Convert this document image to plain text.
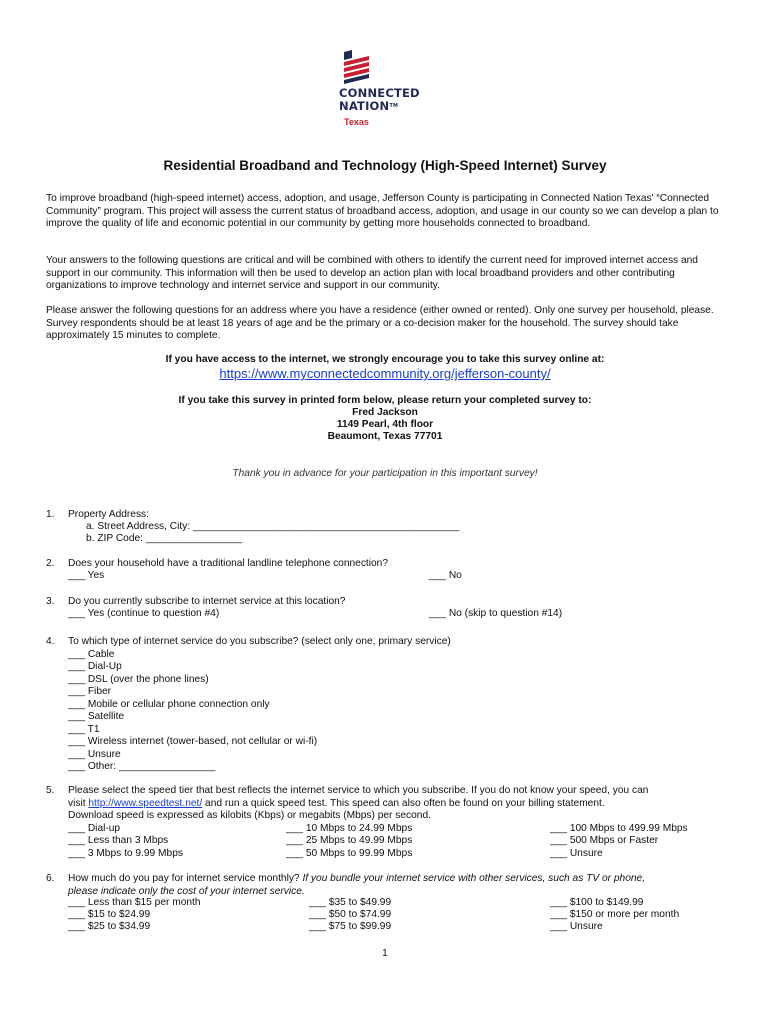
CONNECTED
NATION™
Texas
Residential Broadband and Technology (High-Speed Internet) Survey

To improve broadband (high-speed internet) access, adoption, and usage, Jefferson County is participating in Connected Nation Texas' “Connected Community” program. This project will assess the current status of broadband access, adoption, and usage in our county so we can develop a plan to improve the quality of life and economic potential in our community by getting more households connected to broadband.

Your answers to the following questions are critical and will be combined with others to identify the current need for improved internet access and support in our community. This information will then be used to develop an action plan with local broadband providers and other contributing organizations to improve technology and internet service and support in our community.

Please answer the following questions for an address where you have a residence (either owned or rented). Only one survey per household, please. Survey respondents should be at least 18 years of age and be the primary or a co-decision maker for the household. The survey should take approximately 15 minutes to complete.

If you have access to the internet, we strongly encourage you to take this survey online at:
https://www.myconnectedcommunity.org/jefferson-county/
If you take this survey in printed form below, please return your completed survey to:
Fred Jackson
1149 Pearl, 4th floor
Beaumont, Texas 77701
Thank you in advance for your participation in this important survey!
1. Property Address:
a. Street Address, City: _______________________________________________
b. ZIP Code: _________________
2. Does your household have a traditional landline telephone connection?
___ Yes	___ No
3. Do you currently subscribe to internet service at this location?
___ Yes (continue to question #4)	___ No (skip to question #14)
4. To which type of internet service do you subscribe? (select only one, primary service)
___ Cable
___ Dial-Up
___ DSL (over the phone lines)
___ Fiber
___ Mobile or cellular phone connection only
___ Satellite
___ T1
___ Wireless internet (tower-based, not cellular or wi-fi)
___ Unsure
___ Other: _________________
5. Please select the speed tier that best reflects the internet service to which you subscribe. If you do not know your speed, you can
visit http://www.speedtest.net/ and run a quick speed test. This speed can also often be found on your billing statement.
Download speed is expressed as kilobits (Kbps) or megabits (Mbps) per second.
___ Dial-up
___ Less than 3 Mbps
___ 3 Mbps to 9.99 Mbps
___ 10 Mbps to 24.99 Mbps
___ 25 Mbps to 49.99 Mbps
___ 50 Mbps to 99.99 Mbps
___ 100 Mbps to 499.99 Mbps
___ 500 Mbps or Faster
___ Unsure
6. How much do you pay for internet service monthly? If you bundle your internet service with other services, such as TV or phone,
please indicate only the cost of your internet service.
___ Less than $15 per month
___ $15 to $24.99
___ $25 to $34.99
___ $35 to $49.99
___ $50 to $74.99
___ $75 to $99.99
___ $100 to $149.99
___ $150 or more per month
___ Unsure
1
